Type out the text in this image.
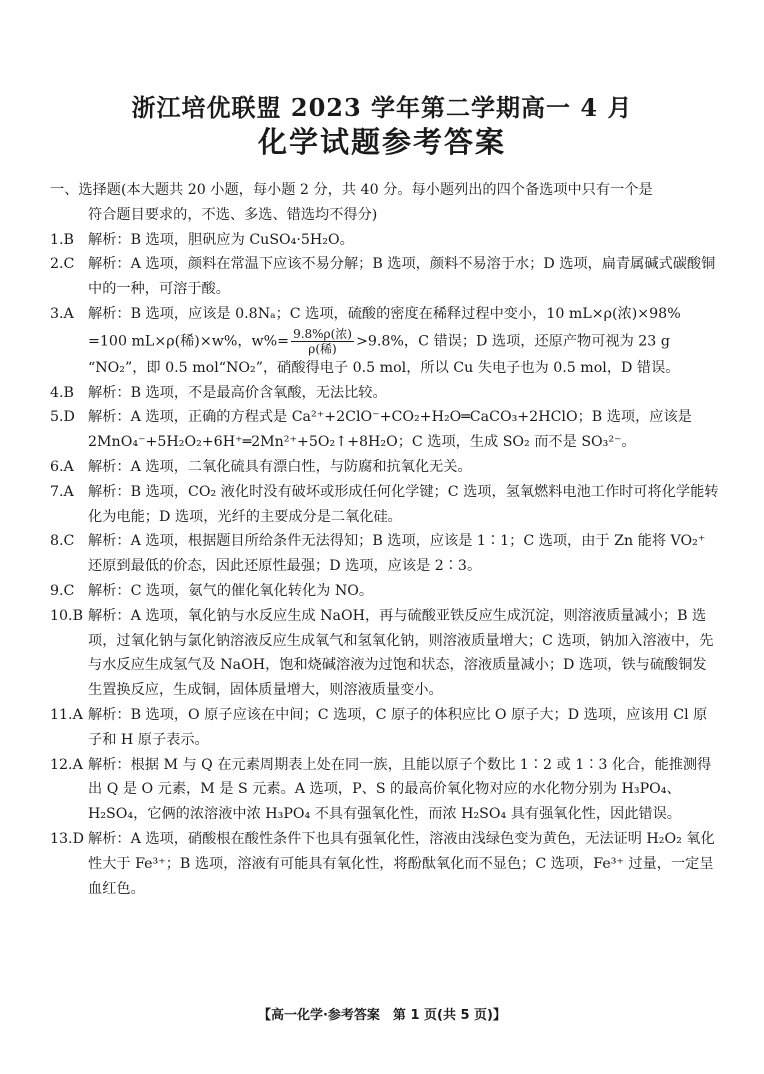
浙江培优联盟 2023 学年第二学期高一 4 月
化学试题参考答案

一、选择题(本大题共 20 小题，每小题 2 分，共 40 分。每小题列出的四个备选项中只有一个是
符合题目要求的，不选、多选、错选均不得分)

1.B 解析：B 选项，胆矾应为 CuSO₄·5H₂O。

2.C 解析：A 选项，颜料在常温下应该不易分解；B 选项，颜料不易溶于水；D 选项，扁青属碱式碳酸铜中的一种，可溶于酸。

3.A 解析：B 选项，应该是 0.8Nₐ；C 选项，硫酸的密度在稀释过程中变小，10 mL×ρ(浓)×98% =100 mL×ρ(稀)×w%，$w\%= \frac{\text{9.8\%ρ(浓)}}{\text{ρ(稀)}} >9.8\%$，C 错误；D 选项，还原产物可视为 23 g “NO₂”，即 0.5 mol“NO₂”，硝酸得电子 0.5 mol，所以 Cu 失电子也为 0.5 mol，D 错误。

4.B 解析：B 选项，不是最高价含氧酸，无法比较。

5.D 解析：A 选项，正确的方程式是 Ca²⁺+2ClO⁻+CO₂+H₂O═CaCO₃+2HClO；B 选项，应该是 2MnO₄⁻+5H₂O₂+6H⁺═2Mn²⁺+5O₂↑+8H₂O；C 选项，生成 SO₂ 而不是 SO₃²⁻。

6.A 解析：A 选项，二氧化硫具有漂白性，与防腐和抗氧化无关。

7.A 解析：B 选项，CO₂ 液化时没有破坏或形成任何化学键；C 选项，氢氧燃料电池工作时可将化学能转化为电能；D 选项，光纤的主要成分是二氧化硅。

8.C 解析：A 选项，根据题目所给条件无法得知；B 选项，应该是 1∶1；C 选项，由于 Zn 能将 VO₂⁺ 还原到最低的价态，因此还原性最强；D 选项，应该是 2∶3。

9.C 解析：C 选项，氨气的催化氧化转化为 NO。

10.B 解析：A 选项，氧化钠与水反应生成 NaOH，再与硫酸亚铁反应生成沉淀，则溶液质量减小；B 选项，过氧化钠与氯化钠溶液反应生成氧气和氢氧化钠，则溶液质量增大；C 选项，钠加入溶液中，先与水反应生成氢气及 NaOH，饱和烧碱溶液为过饱和状态，溶液质量减小；D 选项，铁与硫酸铜发生置换反应，生成铜，固体质量增大，则溶液质量变小。

11.A 解析：B 选项，O 原子应该在中间；C 选项，C 原子的体积应比 O 原子大；D 选项，应该用 Cl 原子和 H 原子表示。

12.A 解析：根据 M 与 Q 在元素周期表上处在同一族，且能以原子个数比 1∶2 或 1∶3 化合，能推测得出 Q 是 O 元素，M 是 S 元素。A 选项，P、S 的最高价氧化物对应的水化物分别为 H₃PO₄、H₂SO₄，它俩的浓溶液中浓 H₃PO₄ 不具有强氧化性，而浓 H₂SO₄ 具有强氧化性，因此错误。

13.D 解析：A 选项，硝酸根在酸性条件下也具有强氧化性，溶液由浅绿色变为黄色，无法证明 H₂O₂ 氧化性大于 Fe³⁺；B 选项，溶液有可能具有氧化性，将酚酞氧化而不显色；C 选项，Fe³⁺ 过量，一定呈血红色。

【高一化学·参考答案　第 1 页(共 5 页)】
